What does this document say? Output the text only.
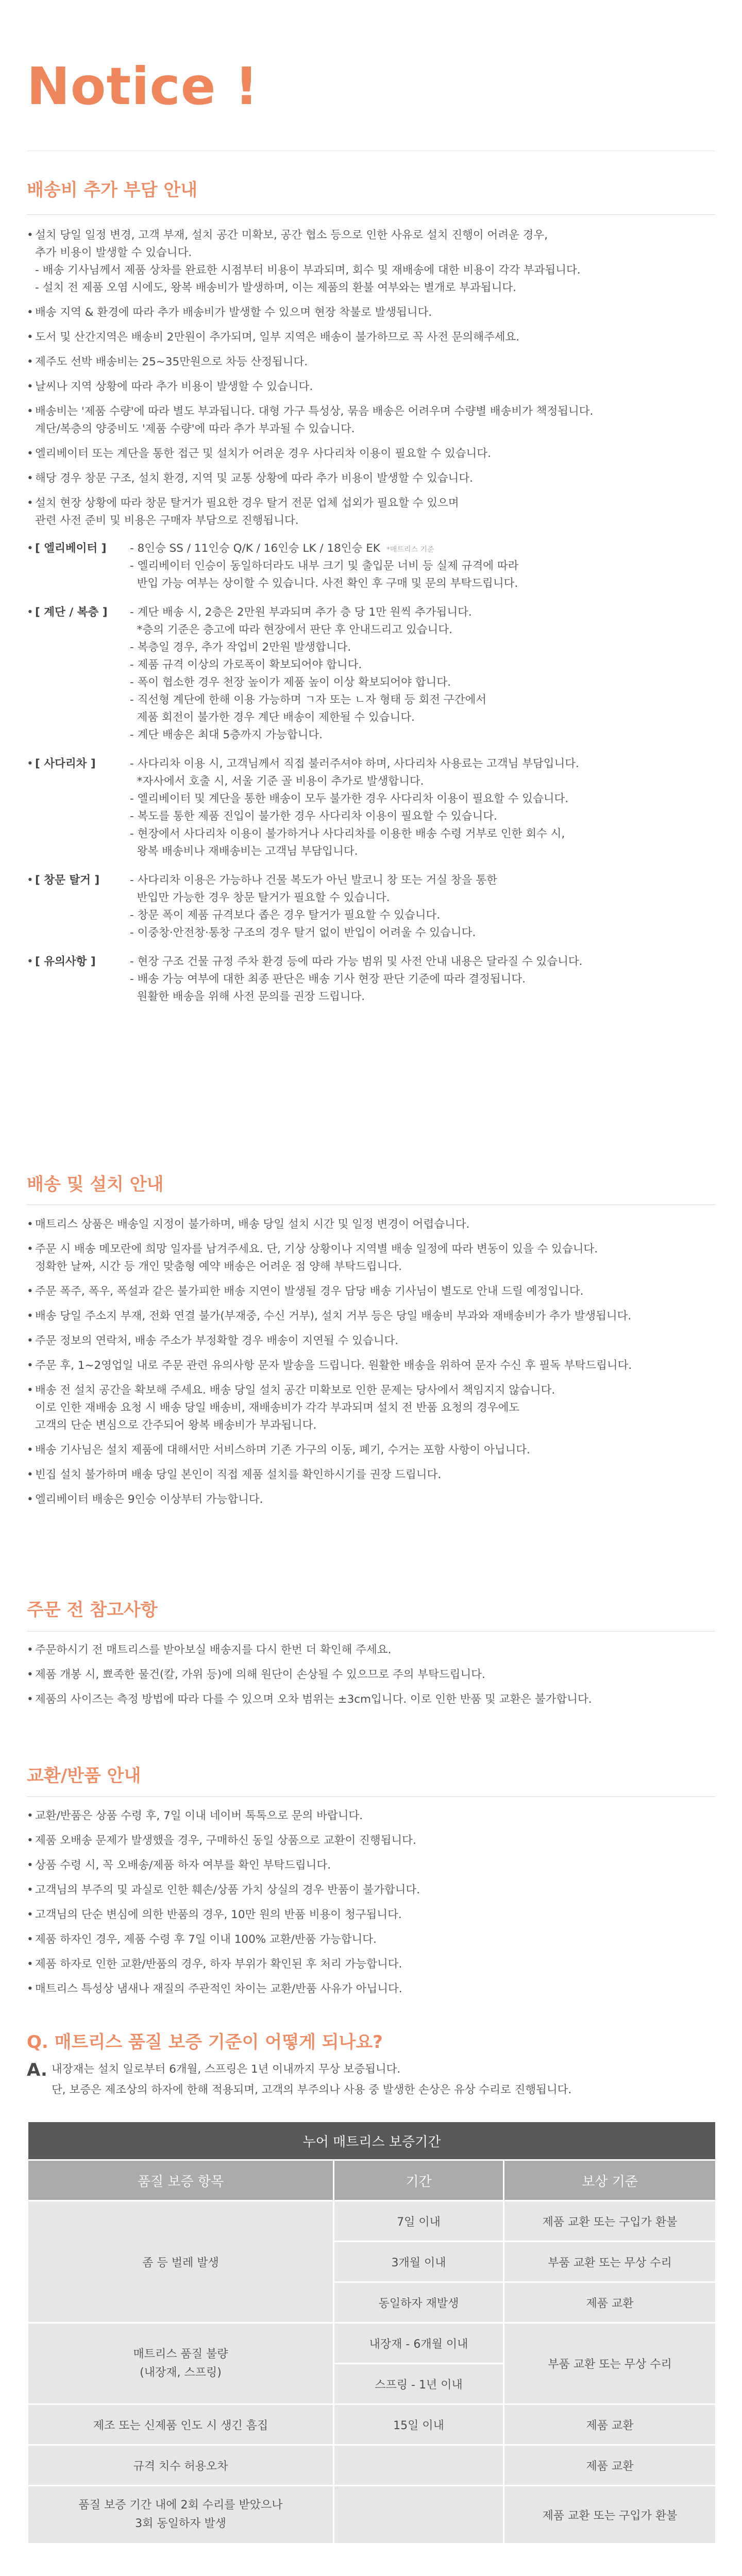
Notice !
배송비 추가 부담 안내
• 설치 당일 일정 변경, 고객 부재, 설치 공간 미확보, 공간 협소 등으로 인한 사유로 설치 진행이 어려운 경우,
추가 비용이 발생할 수 있습니다.
- 배송 기사님께서 제품 상차를 완료한 시점부터 비용이 부과되며, 회수 및 재배송에 대한 비용이 각각 부과됩니다.
- 설치 전 제품 오염 시에도, 왕복 배송비가 발생하며, 이는 제품의 환불 여부와는 별개로 부과됩니다.
• 배송 지역 & 환경에 따라 추가 배송비가 발생할 수 있으며 현장 착불로 발생됩니다.
• 도서 및 산간지역은 배송비 2만원이 추가되며, 일부 지역은 배송이 불가하므로 꼭 사전 문의해주세요.
• 제주도 선박 배송비는 25~35만원으로 차등 산정됩니다.
• 날씨나 지역 상황에 따라 추가 비용이 발생할 수 있습니다.
• 배송비는 '제품 수량'에 따라 별도 부과됩니다. 대형 가구 특성상, 묶음 배송은 어려우며 수량별 배송비가 책정됩니다.
계단/복층의 양중비도 '제품 수량'에 따라 추가 부과될 수 있습니다.
• 엘리베이터 또는 계단을 통한 접근 및 설치가 어려운 경우 사다리차 이용이 필요할 수 있습니다.
• 해당 경우 창문 구조, 설치 환경, 지역 및 교통 상황에 따라 추가 비용이 발생할 수 있습니다.
• 설치 현장 상황에 따라 창문 탈거가 필요한 경우 탈거 전문 업체 섭외가 필요할 수 있으며
관련 사전 준비 및 비용은 구매자 부담으로 진행됩니다.
• [ 엘리베이터 ] - 8인승 SS / 11인승 Q/K / 16인승 LK / 18인승 EK *매트리스 기준
- 엘리베이터 인승이 동일하더라도 내부 크기 및 출입문 너비 등 실제 규격에 따라
반입 가능 여부는 상이할 수 있습니다. 사전 확인 후 구매 및 문의 부탁드립니다.
• [ 계단 / 복층 ] - 계단 배송 시, 2층은 2만원 부과되며 추가 층 당 1만 원씩 추가됩니다.
*층의 기준은 층고에 따라 현장에서 판단 후 안내드리고 있습니다.
- 복층일 경우, 추가 작업비 2만원 발생합니다.
- 제품 규격 이상의 가로폭이 확보되어야 합니다.
- 폭이 협소한 경우 천장 높이가 제품 높이 이상 확보되어야 합니다.
- 직선형 계단에 한해 이용 가능하며 ㄱ자 또는 ㄴ자 형태 등 회전 구간에서
제품 회전이 불가한 경우 계단 배송이 제한될 수 있습니다.
- 계단 배송은 최대 5층까지 가능합니다.
• [ 사다리차 ]	- 사다리차 이용 시, 고객님께서 직접 불러주셔야 하며, 사다리차 사용료는 고객님 부담입니다.
*자사에서 호출 시, 서울 기준 골 비용이 추가로 발생합니다.
- 엘리베이터 및 계단을 통한 배송이 모두 불가한 경우 사다리차 이용이 필요할 수 있습니다.
- 복도를 통한 제품 진입이 불가한 경우 사다리차 이용이 필요할 수 있습니다.
- 현장에서 사다리차 이용이 불가하거나 사다리차를 이용한 배송 수령 거부로 인한 회수 시,
왕복 배송비나 재배송비는 고객님 부담입니다.
• [ 창문 탈거 ]	- 사다리차 이용은 가능하나 건물 복도가 아닌 발코니 창 또는 거실 창을 통한
반입만 가능한 경우 창문 탈거가 필요할 수 있습니다.
- 창문 폭이 제품 규격보다 좁은 경우 탈거가 필요할 수 있습니다.
- 이중창·안전창·통창 구조의 경우 탈거 없이 반입이 어려울 수 있습니다.
• [ 유의사항 ]	- 현장 구조 건물 규정 주차 환경 등에 따라 가능 범위 및 사전 안내 내용은 달라질 수 있습니다.
- 배송 가능 여부에 대한 최종 판단은 배송 기사 현장 판단 기준에 따라 결정됩니다.
원활한 배송을 위해 사전 문의를 권장 드립니다.
배송 및 설치 안내
• 매트리스 상품은 배송일 지정이 불가하며, 배송 당일 설치 시간 및 일정 변경이 어렵습니다.
• 주문 시 배송 메모란에 희망 일자를 남겨주세요. 단, 기상 상황이나 지역별 배송 일정에 따라 변동이 있을 수 있습니다.
정확한 날짜, 시간 등 개인 맞춤형 예약 배송은 어려운 점 양해 부탁드립니다.
• 주문 폭주, 폭우, 폭설과 같은 불가피한 배송 지연이 발생될 경우 담당 배송 기사님이 별도로 안내 드릴 예정입니다.
• 배송 당일 주소지 부재, 전화 연결 불가(부재중, 수신 거부), 설치 거부 등은 당일 배송비 부과와 재배송비가 추가 발생됩니다.
• 주문 정보의 연락처, 배송 주소가 부정확할 경우 배송이 지연될 수 있습니다.
• 주문 후, 1~2영업일 내로 주문 관련 유의사항 문자 발송을 드립니다. 원활한 배송을 위하여 문자 수신 후 필독 부탁드립니다.
• 배송 전 설치 공간을 확보해 주세요. 배송 당일 설치 공간 미확보로 인한 문제는 당사에서 책임지지 않습니다.
이로 인한 재배송 요청 시 배송 당일 배송비, 재배송비가 각각 부과되며 설치 전 반품 요청의 경우에도
고객의 단순 변심으로 간주되어 왕복 배송비가 부과됩니다.
• 배송 기사님은 설치 제품에 대해서만 서비스하며 기존 가구의 이동, 폐기, 수거는 포함 사항이 아닙니다.
• 빈집 설치 불가하며 배송 당일 본인이 직접 제품 설치를 확인하시기를 권장 드립니다.
• 엘리베이터 배송은 9인승 이상부터 가능합니다.
주문 전 참고사항
• 주문하시기 전 매트리스를 받아보실 배송지를 다시 한번 더 확인해 주세요.
• 제품 개봉 시, 뾰족한 물건(칼, 가위 등)에 의해 원단이 손상될 수 있으므로 주의 부탁드립니다.
• 제품의 사이즈는 측정 방법에 따라 다를 수 있으며 오차 범위는 ±3cm입니다. 이로 인한 반품 및 교환은 불가합니다.
교환/반품 안내
• 교환/반품은 상품 수령 후, 7일 이내 네이버 톡톡으로 문의 바랍니다.
• 제품 오배송 문제가 발생했을 경우, 구매하신 동일 상품으로 교환이 진행됩니다.
• 상품 수령 시, 꼭 오배송/제품 하자 여부를 확인 부탁드립니다.
• 고객님의 부주의 및 과실로 인한 훼손/상품 가치 상실의 경우 반품이 불가합니다.
• 고객님의 단순 변심에 의한 반품의 경우, 10만 원의 반품 비용이 청구됩니다.
• 제품 하자인 경우, 제품 수령 후 7일 이내 100% 교환/반품 가능합니다.
• 제품 하자로 인한 교환/반품의 경우, 하자 부위가 확인된 후 처리 가능합니다.
• 매트리스 특성상 냄새나 재질의 주관적인 차이는 교환/반품 사유가 아닙니다.
Q. 매트리스 품질 보증 기준이 어떻게 되나요?
A. 내장재는 설치 일로부터 6개월, 스프링은 1년 이내까지 무상 보증됩니다.
단, 보증은 제조상의 하자에 한해 적용되며, 고객의 부주의나 사용 중 발생한 손상은 유상 수리로 진행됩니다.
누어 매트리스 보증기간		
품질 보증 항목	기간	보상 기준
좀 등 벌레 발생	7일 이내	제품 교환 또는 구입가 환불
	3개월 이내	부품 교환 또는 무상 수리
	동일하자 재발생	제품 교환
매트리스 품질 불량
(내장재, 스프링)	내장재 - 6개월 이내	부품 교환 또는 무상 수리
	스프링 - 1년 이내	
제조 또는 신제품 인도 시 생긴 흠집	15일 이내	제품 교환
규격 치수 허용오차		제품 교환
품질 보증 기간 내에 2회 수리를 받았으나
3회 동일하자 발생		제품 교환 또는 구입가 환불
